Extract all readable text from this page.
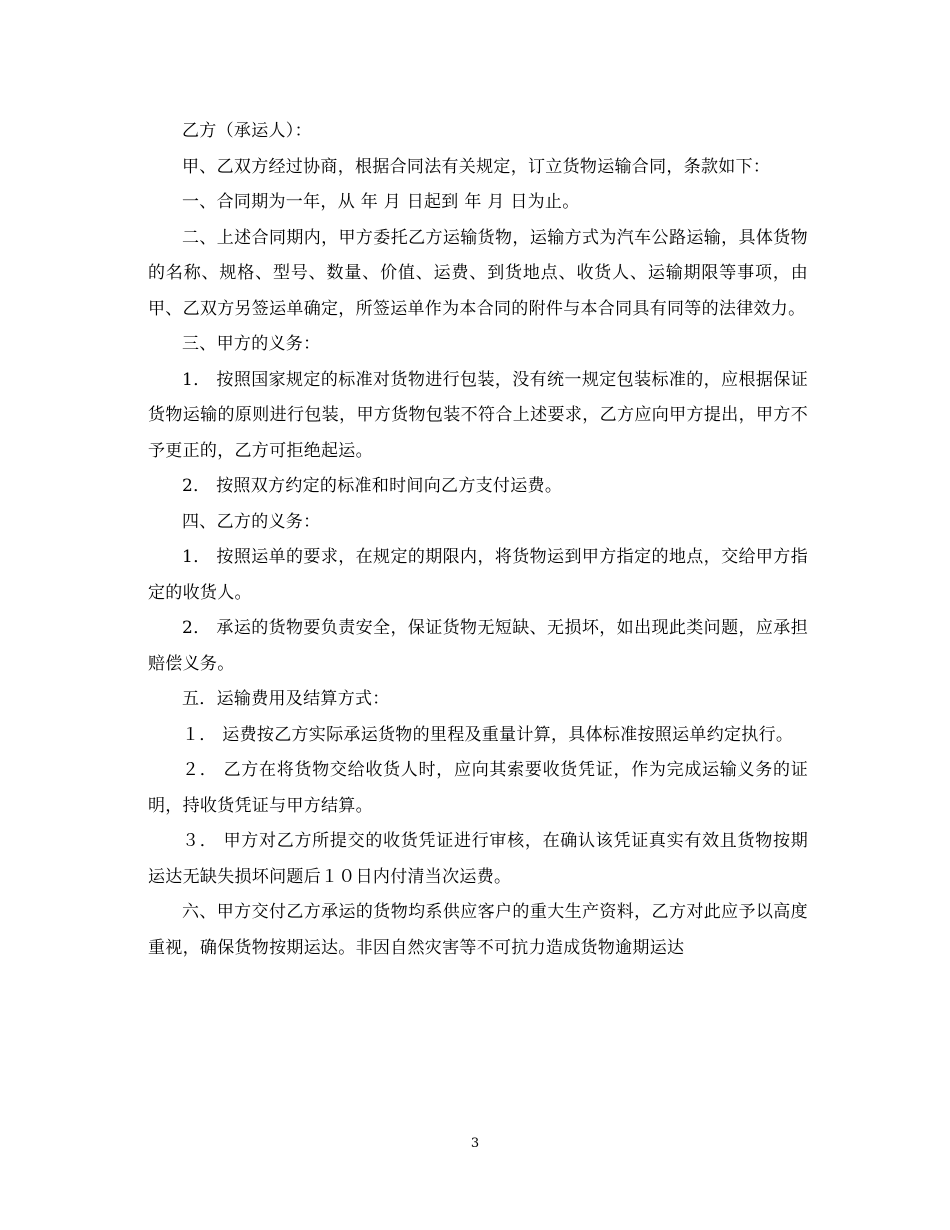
乙方（承运人）：

甲、乙双方经过协商，根据合同法有关规定，订立货物运输合同，条款如下：

一、合同期为一年，从 年 月 日起到 年 月 日为止。

二、上述合同期内，甲方委托乙方运输货物，运输方式为汽车公路运输，具体货物的名称、规格、型号、数量、价值、运费、到货地点、收货人、运输期限等事项，由甲、乙双方另签运单确定，所签运单作为本合同的附件与本合同具有同等的法律效力。

三、甲方的义务：

1． 按照国家规定的标准对货物进行包装，没有统一规定包装标准的，应根据保证货物运输的原则进行包装，甲方货物包装不符合上述要求，乙方应向甲方提出，甲方不予更正的，乙方可拒绝起运。

2． 按照双方约定的标准和时间向乙方支付运费。

四、乙方的义务：

1． 按照运单的要求，在规定的期限内，将货物运到甲方指定的地点，交给甲方指定的收货人。

2． 承运的货物要负责安全，保证货物无短缺、无损坏，如出现此类问题，应承担赔偿义务。

五．运输费用及结算方式：

１． 运费按乙方实际承运货物的里程及重量计算，具体标准按照运单约定执行。

２． 乙方在将货物交给收货人时，应向其索要收货凭证，作为完成运输义务的证明，持收货凭证与甲方结算。

３． 甲方对乙方所提交的收货凭证进行审核，在确认该凭证真实有效且货物按期运达无缺失损坏问题后１０日内付清当次运费。

六、甲方交付乙方承运的货物均系供应客户的重大生产资料，乙方对此应予以高度重视，确保货物按期运达。非因自然灾害等不可抗力造成货物逾期运达

3
